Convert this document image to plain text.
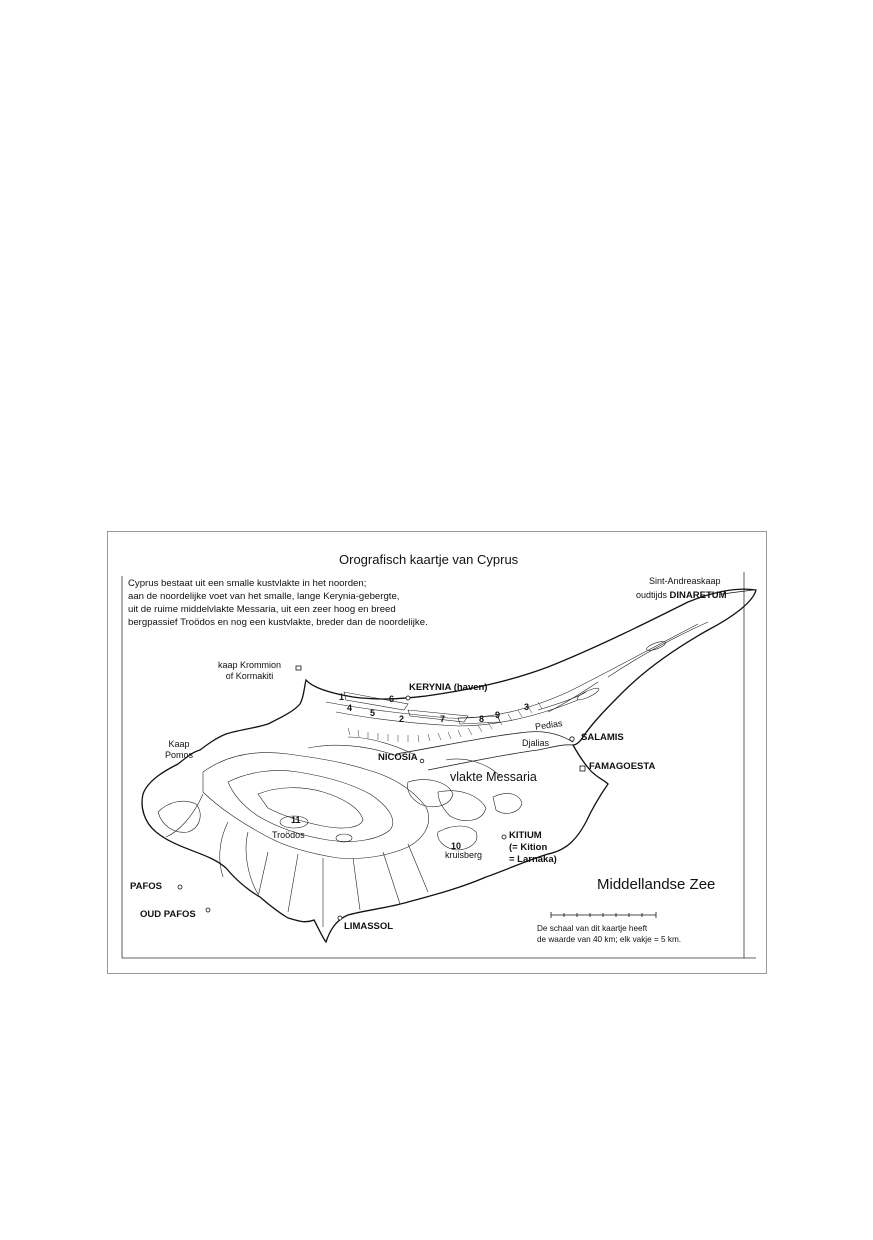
Orografisch kaartje van Cyprus
Cyprus bestaat uit een smalle kustvlakte in het noorden;
aan de noordelijke voet van het smalle, lange Kerynia-gebergte,
uit de ruime middelvlakte Messaria, uit een zeer hoog en breed
bergpassief Troödos en nog een kustvlakte, breder dan de noordelijke.
Sint-Andreaskaap
oudtijds DINARETUM
kaap Krommion
of Kormakiti
Kaap
Pomos
KERYNIA (haven)
SALAMIS
FAMAGOESTA
NICOSIA
KITIUM
(= Kition
= Larnaka)
PAFOS
OUD PAFOS
LIMASSOL
Pedias
Djalias
vlakte Messaria
Troödos
kruisberg
Middellandse Zee
1
2
3
4 5
6
7	8 9
10
11
De schaal van dit kaartje heeft
de waarde van 40 km; elk vakje = 5 km.
